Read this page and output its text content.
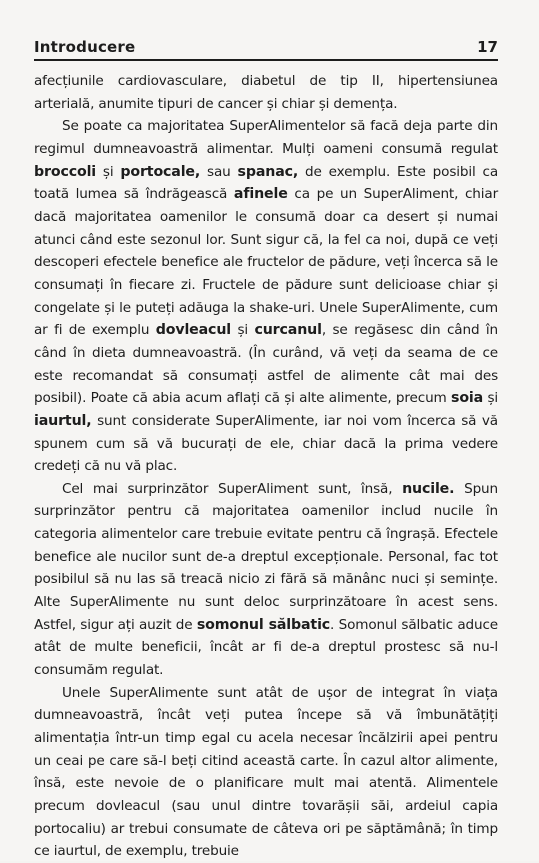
Introducere	17

afecțiunile cardiovasculare, diabetul de tip II, hipertensiunea arterială, anumite tipuri de cancer și chiar și demența.

Se poate ca majoritatea SuperAlimentelor să facă deja parte din regimul dumneavoastră alimentar. Mulți oameni consumă regulat broccoli și portocale, sau spanac, de exemplu. Este posibil ca toată lumea să îndrăgească afinele ca pe un SuperAliment, chiar dacă majoritatea oamenilor le consumă doar ca desert și numai atunci când este sezonul lor. Sunt sigur că, la fel ca noi, după ce veți descoperi efectele benefice ale fructelor de pădure, veți încerca să le consumați în fiecare zi. Fructele de pădure sunt delicioase chiar și congelate și le puteți adăuga la shake-uri. Unele SuperAlimente, cum ar fi de exemplu dovleacul și curcanul, se regăsesc din când în când în dieta dumneavoastră. (În curând, vă veți da seama de ce este recomandat să consumați astfel de alimente cât mai des posibil). Poate că abia acum aflați că și alte alimente, precum soia și iaurtul, sunt considerate SuperAlimente, iar noi vom încerca să vă spunem cum să vă bucurați de ele, chiar dacă la prima vedere credeți că nu vă plac.

Cel mai surprinzător SuperAliment sunt, însă, nucile. Spun surprinzător pentru că majoritatea oamenilor includ nucile în categoria alimentelor care trebuie evitate pentru că îngrașă. Efectele benefice ale nucilor sunt de-a dreptul excepționale. Personal, fac tot posibilul să nu las să treacă nicio zi fără să mănânc nuci și semințe. Alte SuperAlimente nu sunt deloc surprinzătoare în acest sens. Astfel, sigur ați auzit de somonul sălbatic. Somonul sălbatic aduce atât de multe beneficii, încât ar fi de-a dreptul prostesc să nu-l consumăm regulat.

Unele SuperAlimente sunt atât de ușor de integrat în viața dumneavoastră, încât veți putea începe să vă îmbunătățiți alimentația într-un timp egal cu acela necesar încălzirii apei pentru un ceai pe care să-l beți citind această carte. În cazul altor alimente, însă, este nevoie de o planificare mult mai atentă. Alimentele precum dovleacul (sau unul dintre tovarășii săi, ardeiul capia portocaliu) ar trebui consumate de câteva ori pe săptămână; în timp ce iaurtul, de exemplu, trebuie
